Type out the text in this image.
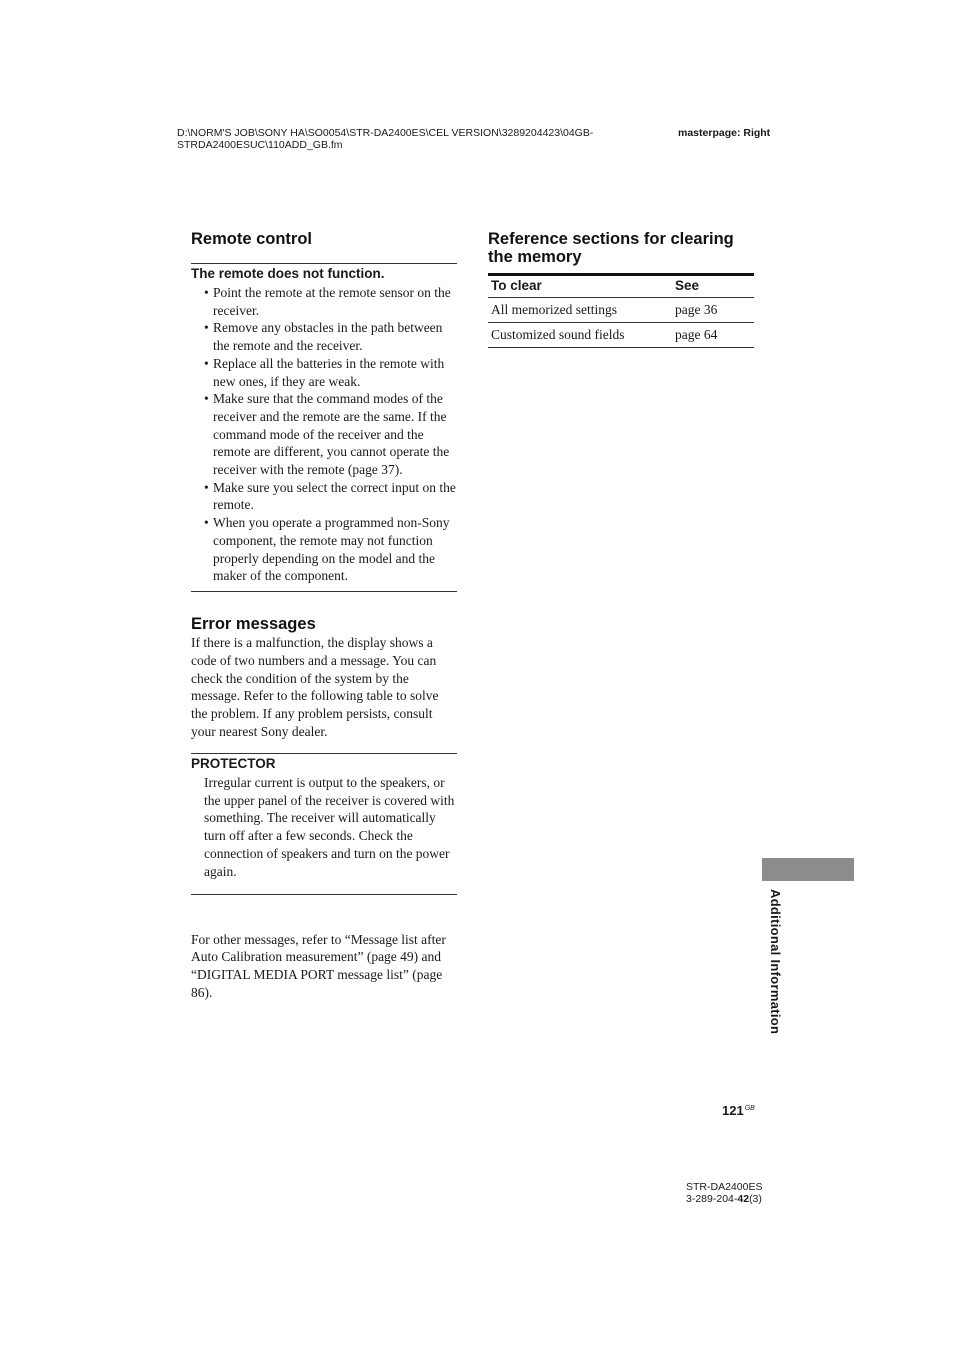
D:\NORM'S JOB\SONY HA\SO0054\STR-DA2400ES\CEL VERSION\3289204423\04GB-
STRDA2400ESUC\110ADD_GB.fm
masterpage: Right
Remote control
The remote does not function.
• Point the remote at the remote sensor on the receiver.
• Remove any obstacles in the path between the remote and the receiver.
• Replace all the batteries in the remote with new ones, if they are weak.
• Make sure that the command modes of the receiver and the remote are the same. If the command mode of the receiver and the remote are different, you cannot operate the receiver with the remote (page 37).
• Make sure you select the correct input on the remote.
• When you operate a programmed non-Sony component, the remote may not function properly depending on the model and the maker of the component.
Error messages

If there is a malfunction, the display shows a code of two numbers and a message. You can check the condition of the system by the message. Refer to the following table to solve the problem. If any problem persists, consult your nearest Sony dealer.

PROTECTOR

Irregular current is output to the speakers, or the upper panel of the receiver is covered with something. The receiver will automatically turn off after a few seconds. Check the connection of speakers and turn on the power again.

For other messages, refer to “Message list after Auto Calibration measurement” (page 49) and “DIGITAL MEDIA PORT message list” (page 86).

Reference sections for clearing the memory
To clear	See
All memorized settings	page 36
Customized sound fields	page 64
Additional Information
$121^{GB}$
STR-DA2400ES
3-289-204-42(3)
